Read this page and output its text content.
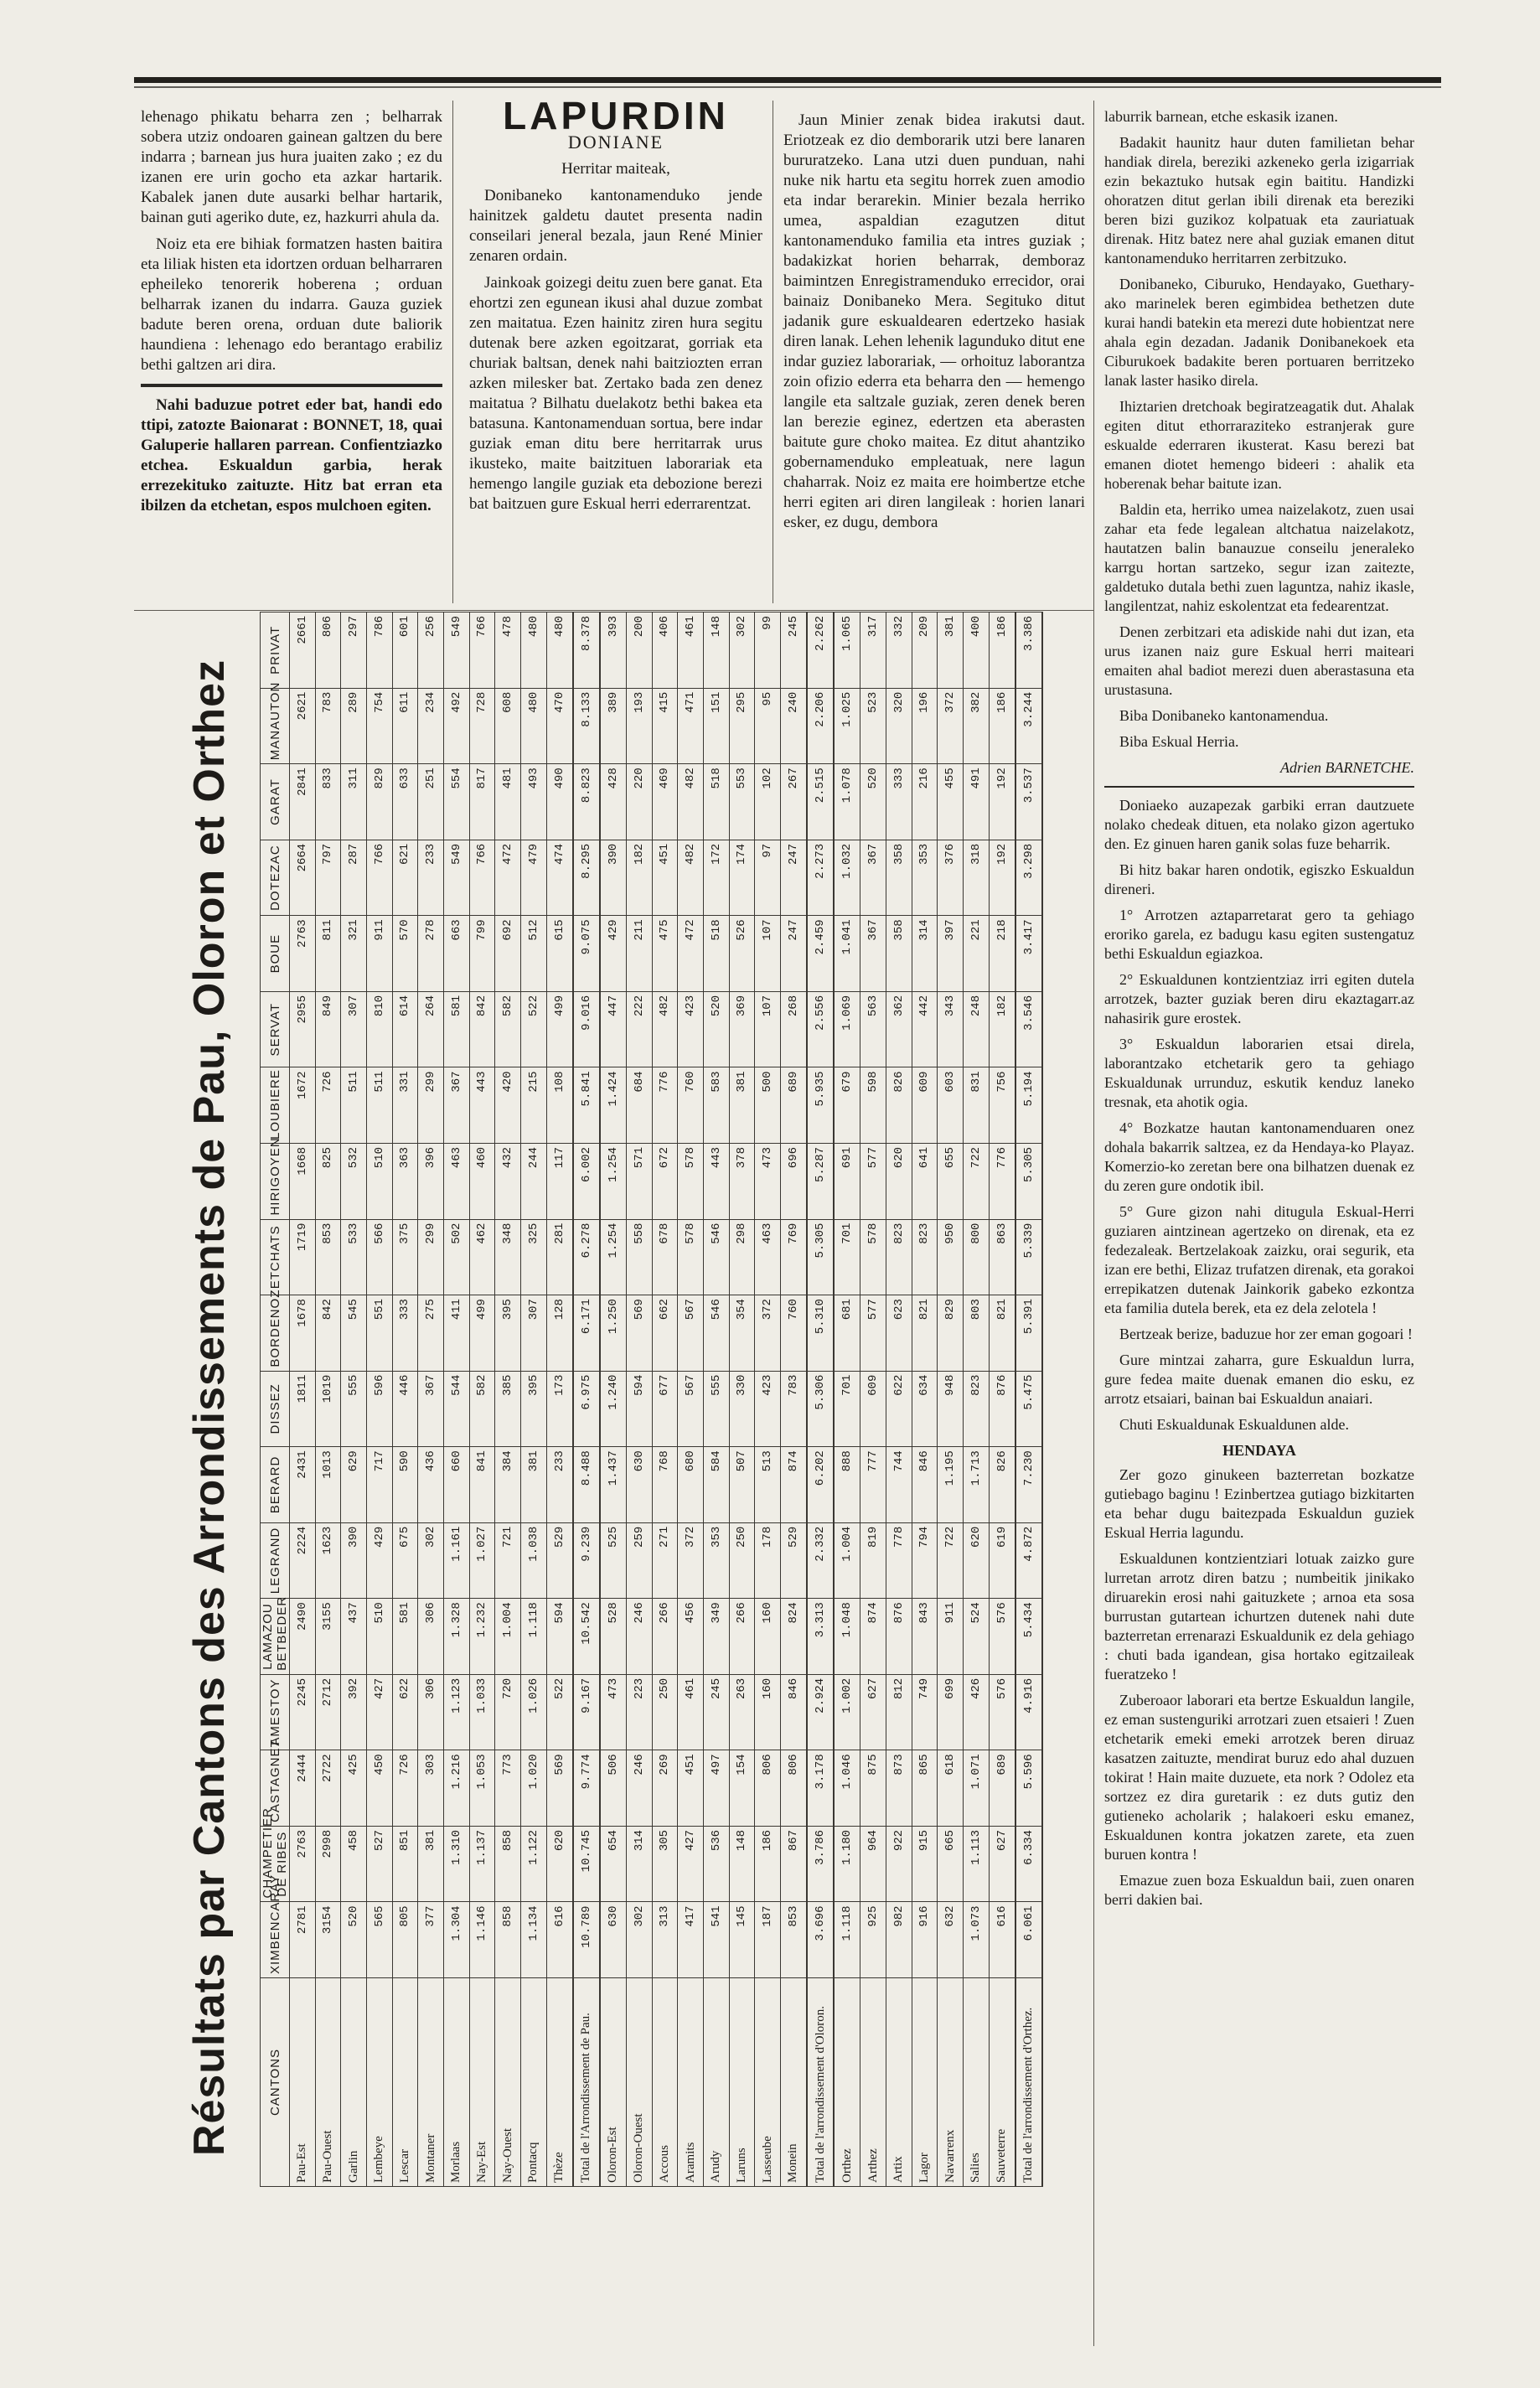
lehenago phikatu beharra zen ; belharrak sobera utziz ondoaren gainean galtzen du bere indarra ; barnean jus hura juaiten zako ; ez du izanen ere urin gocho eta azkar hartarik. Kabalek janen dute ausarki belhar hartarik, bainan guti ageriko dute, ez, hazkurri ahula da.

Noiz eta ere bihiak formatzen hasten baitira eta liliak histen eta idortzen orduan belharraren epheileko tenorerik hoberena ; orduan belharrak izanen du indarra. Gauza guziek badute beren orena, orduan dute baliorik haundiena : lehenago edo berantago erabiliz bethi galtzen ari dira.

Nahi baduzue potret eder bat, handi edo ttipi, zatozte Baionarat : BONNET, 18, quai Galuperie hallaren parrean. Confientziazko etchea. Eskualdun garbia, herak errezekituko zaituzte. Hitz bat erran eta ibilzen da etchetan, espos mulchoen egiten.

LAPURDIN
DONIANE

Herritar maiteak,

Donibaneko kantonamenduko jende hainitzek galdetu dautet presenta nadin conseilari jeneral bezala, jaun René Minier zenaren ordain.

Jainkoak goizegi deitu zuen bere ganat. Eta ehortzi zen egunean ikusi ahal duzue zombat zen maitatua. Ezen hainitz ziren hura segitu dutenak bere azken egoitzarat, gorriak eta churiak baltsan, denek nahi baitziozten erran azken milesker bat. Zertako bada zen denez maitatua ? Bilhatu duelakotz bethi bakea eta batasuna. Kantonamenduan sortua, bere indar guziak eman ditu bere herritarrak urus ikusteko, maite baitzituen laborariak eta hemengo langile guziak eta debozione berezi bat baitzuen gure Eskual herri ederrarentzat.

Jaun Minier zenak bidea irakutsi daut. Eriotzeak ez dio demborarik utzi bere lanaren bururatzeko. Lana utzi duen punduan, nahi nuke nik hartu eta segitu horrek zuen amodio eta indar berarekin. Minier bezala herriko umea, aspaldian ezagutzen ditut kantonamenduko familia eta intres guziak ; badakizkat horien beharrak, demboraz baimintzen Enregistramenduko errecidor, orai bainaiz Donibaneko Mera. Segituko ditut jadanik gure eskualdearen edertzeko hasiak diren lanak. Lehen lehenik lagunduko ditut ene indar guziez laborariak, — orhoituz laborantza zoin ofizio ederra eta beharra den — hemengo langile eta saltzale guziak, zeren denek beren lan berezie eginez, edertzen eta aberasten baitute gure choko maitea. Ez ditut ahantziko gobernamenduko empleatuak, nere lagun chaharrak. Noiz ez maita ere hoimbertze etche herri egiten ari diren langileak : horien lanari esker, ez dugu, dembora

laburrik barnean, etche eskasik izanen.

Badakit haunitz haur duten familietan behar handiak direla, bereziki azkeneko gerla izigarriak ezin bekaztuko hutsak egin baititu. Handizki ohoratzen ditut gerlan ibili direnak eta bereziki beren bizi guzikoz kolpatuak eta zauriatuak direnak. Hitz batez nere ahal guziak emanen ditut kantonamenduko herritarren zerbitzuko.

Donibaneko, Ciburuko, Hendayako, Guetharyako marinelek beren egimbidea bethetzen dute kurai handi batekin eta merezi dute hobientzat nere ahala egin dezadan. Jadanik Donibanekoek eta Ciburukoek badakite beren portuaren berritzeko lanak laster hasiko direla.

Ihiztarien dretchoak begiratzeagatik dut. Ahalak egiten ditut ethorraraziteko estranjerak gure eskualde ederraren ikusterat. Kasu berezi bat emanen diotet hemengo bideeri : ahalik eta hoberenak behar baitute izan.

Baldin eta, herriko umea naizelakotz, zuen usai zahar eta fede legalean altchatua naizelakotz, hautatzen balin banauzue conseilu jeneraleko karrgu hortan sartzeko, segur izan zaitezte, galdetuko dutala bethi zuen laguntza, nahiz ikasle, langilentzat, nahiz eskolentzat eta fedearentzat.

Denen zerbitzari eta adiskide nahi dut izan, eta urus izanen naiz gure Eskual herri maiteari emaiten ahal badiot merezi duen aberastasuna eta urustasuna.

Biba Donibaneko kantonamendua.

Biba Eskual Herria.

Adrien BARNETCHE.

Doniaeko auzapezak garbiki erran dautzuete nolako chedeak dituen, eta nolako gizon agertuko den. Ez ginuen haren ganik solas fuze beharrik.

Bi hitz bakar haren ondotik, egiszko Eskualdun direneri.

1° Arrotzen aztaparretarat gero ta gehiago eroriko garela, ez badugu kasu egiten sustengatuz bethi Eskualdun egiazkoa.

2° Eskualdunen kontzientziaz irri egiten dutela arrotzek, bazter guziak beren diru ekaztagarr.az nahasirik gure erostek.

3° Eskualdun laborarien etsai direla, laborantzako etchetarik gero ta gehiago Eskualdunak urrunduz, eskutik kenduz laneko tresnak, eta ahotik ogia.

4° Bozkatze hautan kantonamenduaren onez dohala bakarrik saltzea, ez da Hendaya-ko Playaz. Komerzio-ko zeretan bere ona bilhatzen duenak ez du zeren gure ondotik ibil.

5° Gure gizon nahi ditugula Eskual-Herri guziaren aintzinean agertzeko on direnak, eta ez fedezaleak. Bertzelakoak zaizku, orai segurik, eta izan ere bethi, Elizaz trufatzen direnak, eta gorakoi errepikatzen dutenak Jainkorik gabeko ezkontza eta familia dutela berek, eta ez dela zelotela !

Bertzeak berize, baduzue hor zer eman gogoari !

Gure mintzai zaharra, gure Eskualdun lurra, gure fedea maite duenak emanen dio esku, ez arrotz etsaiari, bainan bai Eskualdun anaiari.

Chuti Eskualdunak Eskualdunen alde.

HENDAYA

Zer gozo ginukeen bazterretan bozkatze gutiebago baginu ! Ezinbertzea gutiago bizkitarten eta behar dugu baitezpada Eskualdun guziek Eskual Herria lagundu.

Eskualdunen kontzientziari lotuak zaizko gure lurretan arrotz diren batzu ; numbeitik jinikako diruarekin erosi nahi gaituzkete ; arnoa eta sosa burrustan gutartean ichurtzen dutenek nahi dute bazterretan errenarazi Eskualdunik ez dela gehiago : chuti bada igandean, gisa hortako egitzaileak fueratzeko !

Zuberoaor laborari eta bertze Eskualdun langile, ez eman sustenguriki arrotzari zuen etsaieri ! Zuen etchetarik emeki emeki arrotzek beren diruaz kasatzen zaituzte, mendirat buruz edo ahal duzuen tokirat ! Hain maite duzuete, eta nork ? Odolez eta sortzez ez dira guretarik : ez duts gutiz den gutieneko acholarik ; halakoeri esku emanez, Eskualdunen kontra jokatzen zarete, eta zuen buruen kontra !

Emazue zuen boza Eskualdun baii, zuen onaren berri dakien bai.

Résultats par Cantons des Arrondissements de Pau, Oloron et Orthez	CANTONS	XIMBENCARAY	CHAMPETIER DE RIBES	CASTAGNET	AMESTOY	LAMAZOU BETBEDER	LEGRAND	BERARD	DISSEZ	BORDENOZ	ETCHATS	HIRIGOYEN	LOUBIERE	SERVAT	BOUE	DOTEZAC	GARAT	MANAUTON	PRIVAT
Pau-Est	2781	2763	2444	2245	2490	2224	2431	1811	1678	1719	1668	1672	2955	2763	2664	2841	2621	2661
Pau-Ouest	3154	2998	2722	2712	3155	1623	1013	1019	842	853	825	726	849	811	797	833	783	806
Garlin	520	458	425	392	437	390	629	555	545	533	532	511	307	321	287	311	289	297
Lembeye	565	527	450	427	510	429	717	596	551	566	510	511	810	911	766	829	754	786
Lescar	805	851	726	622	581	675	590	446	333	375	363	331	614	570	621	633	611	601
Montaner	377	381	303	306	306	302	436	367	275	299	396	299	264	278	233	251	234	256
Morlaas	1.304	1.310	1.216	1.123	1.328	1.161	660	544	411	502	463	367	581	663	549	554	492	549
Nay-Est	1.146	1.137	1.053	1.033	1.232	1.027	841	582	499	462	460	443	842	799	766	817	728	766
Nay-Ouest	858	858	773	720	1.004	721	384	385	395	348	432	420	582	692	472	481	608	478
Pontacq	1.134	1.122	1.020	1.026	1.118	1.038	381	395	307	325	244	215	522	512	479	493	480	480
Thèze	616	620	569	522	594	529	233	173	128	281	117	108	499	615	474	490	470	480
Total de l'Arrondissement de Pau.	10.789	10.745	9.774	9.167	10.542	9.239	8.488	6.975	6.171	6.278	6.002	5.841	9.016	9.075	8.295	8.823	8.133	8.378
Oloron-Est	630	654	506	473	528	525	1.437	1.240	1.250	1.254	1.254	1.424	447	429	390	428	389	393
Oloron-Ouest	302	314	246	223	246	259	630	594	569	558	571	684	222	211	182	220	193	200
Accous	313	305	269	250	266	271	768	677	662	678	672	776	482	475	451	469	415	406
Aramits	417	427	451	461	456	372	680	567	567	578	578	760	423	472	482	482	471	461
Arudy	541	536	497	245	349	353	584	555	546	546	443	583	520	518	172	518	151	148
Laruns	145	148	154	263	266	250	507	330	354	298	378	381	369	526	174	553	295	302
Lasseube	187	186	806	160	160	178	513	423	372	463	473	500	107	107	97	102	95	99
Monein	853	867	806	846	824	529	874	783	760	769	696	689	268	247	247	267	240	245
Total de l'arrondissement d'Oloron.	3.696	3.786	3.178	2.924	3.313	2.332	6.202	5.306	5.310	5.305	5.287	5.935	2.556	2.459	2.273	2.515	2.206	2.262
Orthez	1.118	1.180	1.046	1.002	1.048	1.004	888	701	681	701	691	679	1.069	1.041	1.032	1.078	1.025	1.065
Arthez	925	964	875	627	874	819	777	609	577	578	577	598	563	367	367	520	523	317
Artix	982	922	873	812	876	778	744	622	623	823	620	826	362	358	358	333	320	332
Lagor	916	915	865	749	843	794	846	634	821	823	641	609	442	314	353	216	196	209
Navarrenx	632	665	618	699	911	722	1.195	948	829	950	655	603	343	397	376	455	372	381
Salies	1.073	1.113	1.071	426	524	620	1.713	823	803	800	722	831	248	221	318	491	382	400
Sauveterre	616	627	689	576	576	619	826	876	821	863	776	756	182	218	192	192	186	186
Total de l'arrondissement d'Orthez.	6.061	6.334	5.596	4.916	5.434	4.872	7.230	5.475	5.391	5.339	5.305	5.194	3.546	3.417	3.298	3.537	3.244	3.386
